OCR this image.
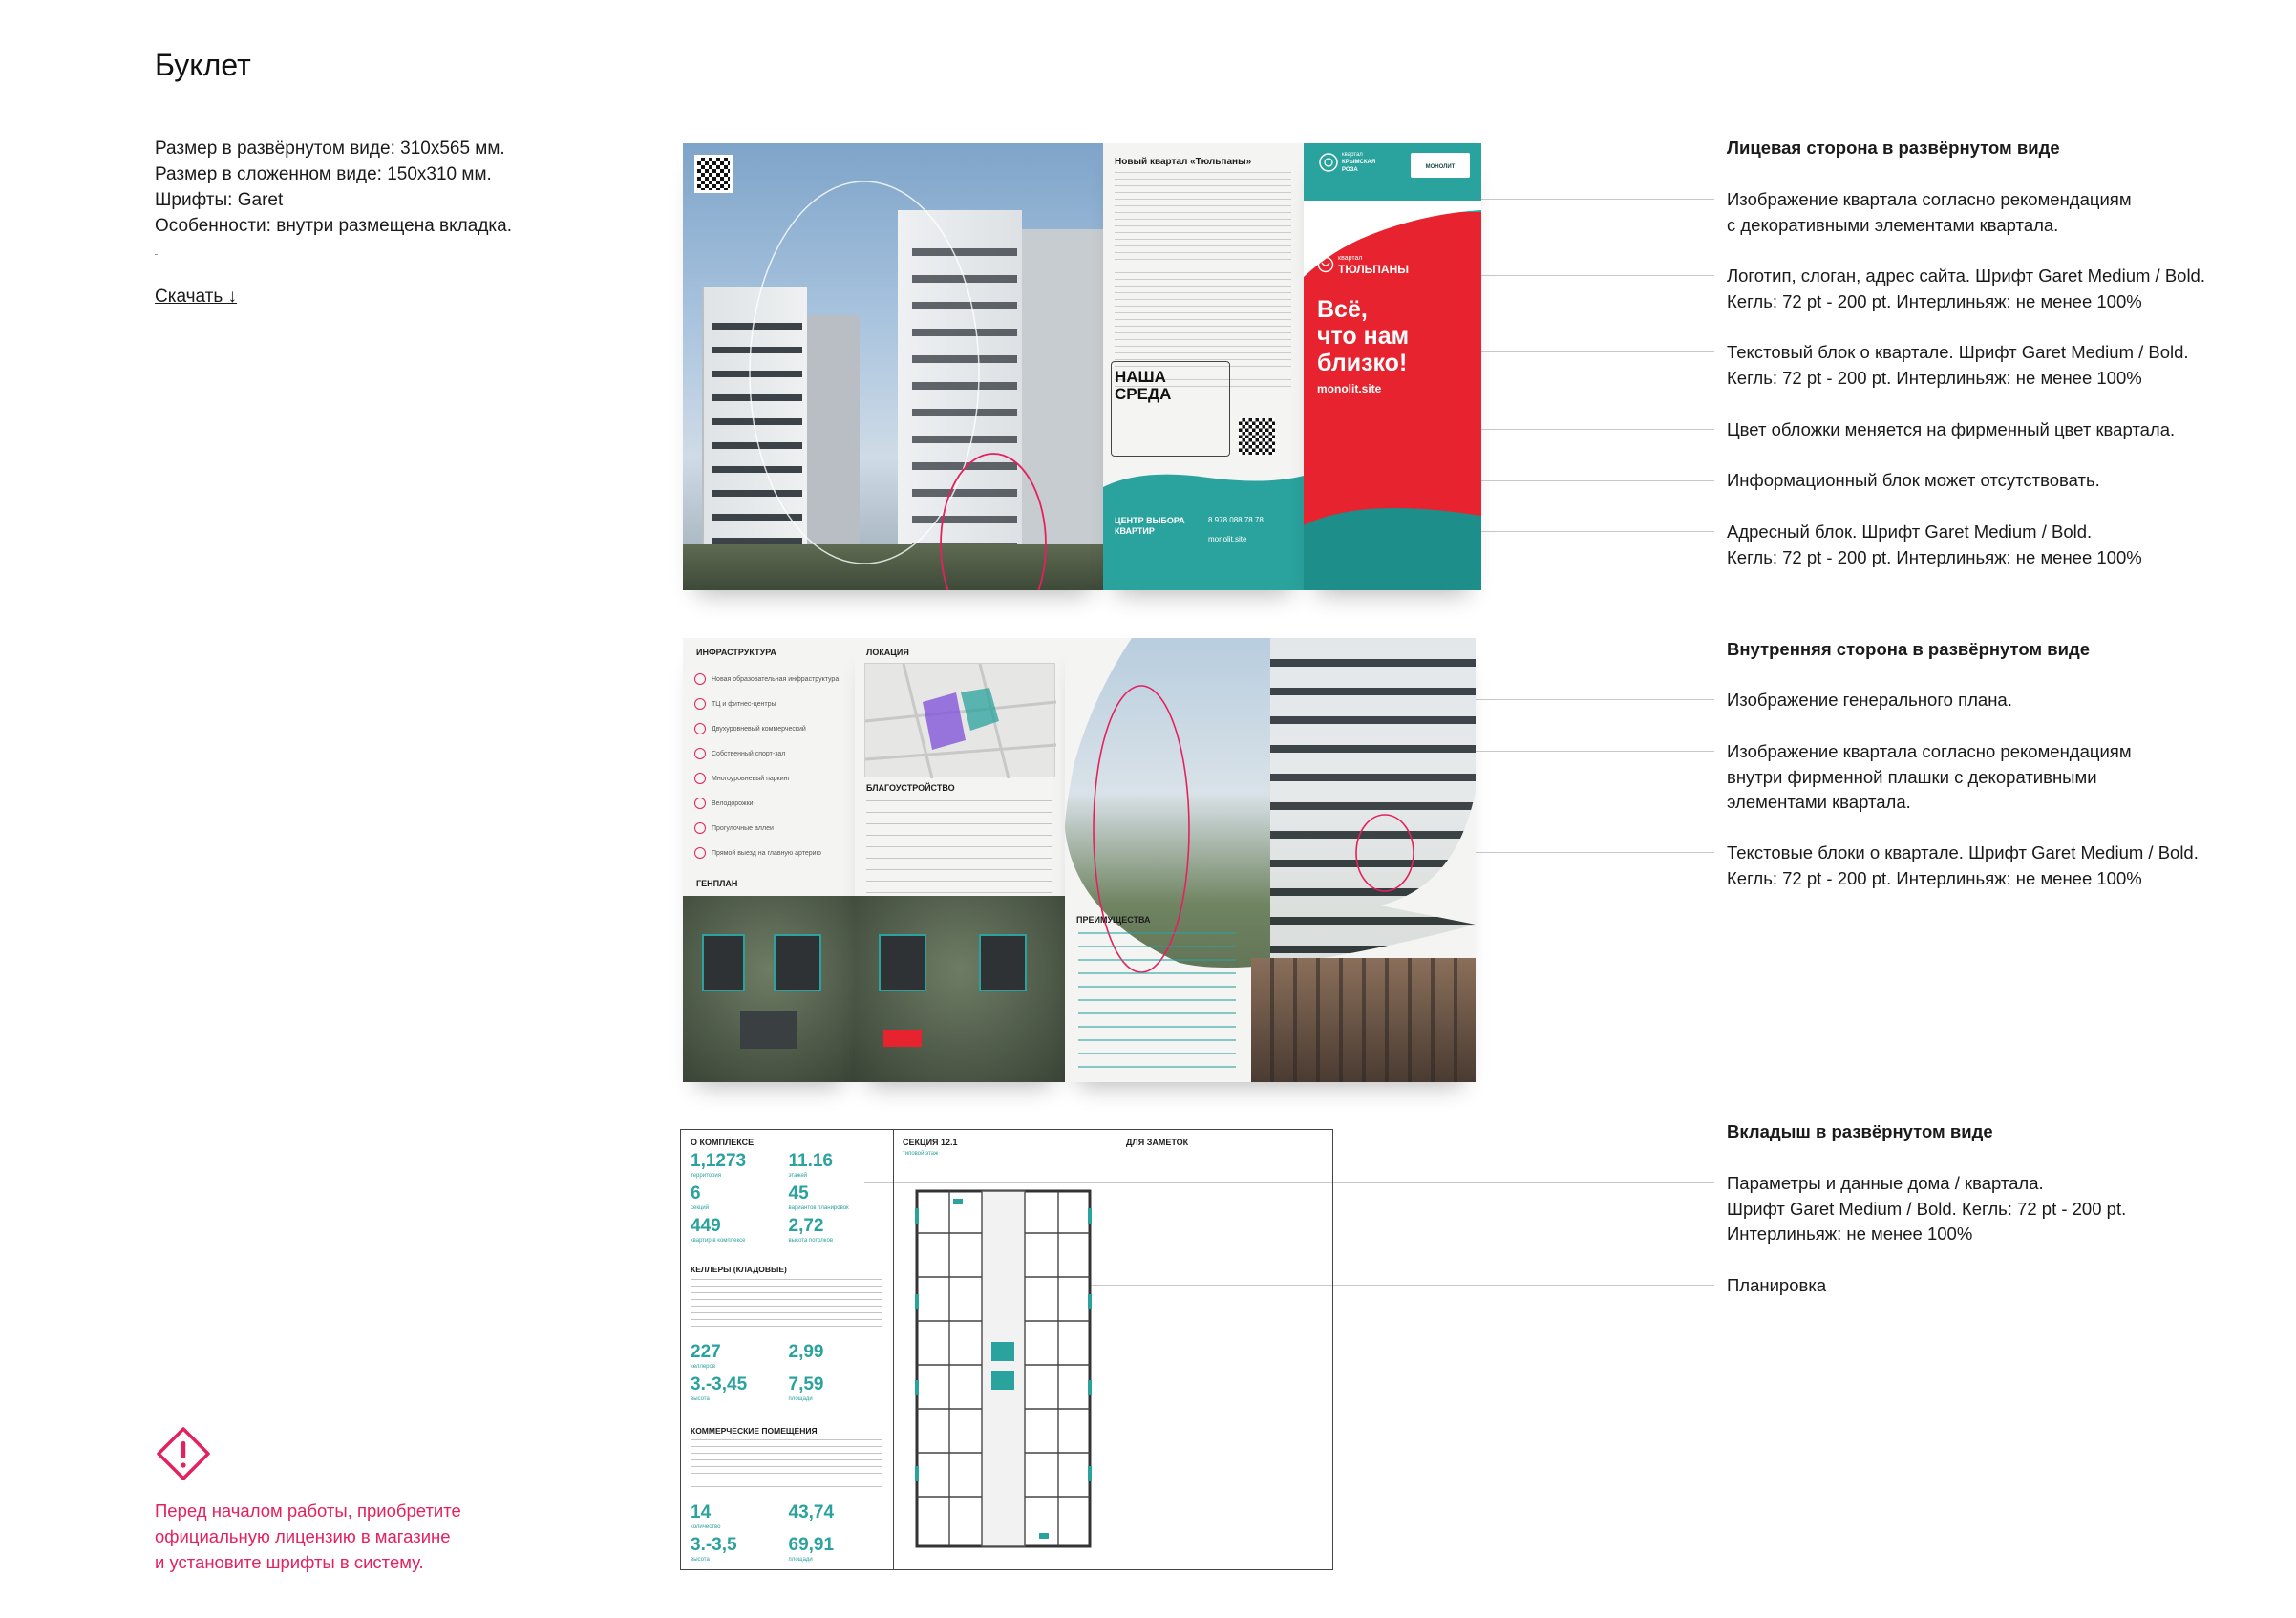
Буклет
Размер в развёрнутом виде: 310х565 мм.
Размер в сложенном виде: 150х310 мм.
Шрифты: Garet
Особенности: внутри размещена вкладка.
Скачать ↓
Перед началом работы, приобретите
официальную лицензию в магазине
и установите шрифты в систему.
Лицевая сторона в развёрнутом виде
Изображение квартала согласно рекомендациям
с декоративными элементами квартала.
Логотип, слоган, адрес сайта. Шрифт Garet Medium / Bold.
Кегль: 72 pt - 200 pt. Интерлиньяж: не менее 100%
Текстовый блок о квартале. Шрифт Garet Medium / Bold.
Кегль: 72 pt - 200 pt. Интерлиньяж: не менее 100%
Цвет обложки меняется на фирменный цвет квартала.
Информационный блок может отсутствовать.
Адресный блок. Шрифт Garet Medium / Bold.
Кегль: 72 pt - 200 pt. Интерлиньяж: не менее 100%
Внутренняя сторона в развёрнутом виде
Изображение генерального плана.
Изображение квартала согласно рекомендациям
внутри фирменной плашки с декоративными
элементами квартала.
Текстовые блоки о квартале. Шрифт Garet Medium / Bold.
Кегль: 72 pt - 200 pt. Интерлиньяж: не менее 100%
Вкладыш в развёрнутом виде
Параметры и данные дома / квартала.
Шрифт Garet Medium / Bold. Кегль: 72 pt - 200 pt.
Интерлиньяж: не менее 100%
Планировка
Новый квартал «Тюльпаны»
НАША
СРЕДА
ЦЕНТР ВЫБОРА
КВАРТИР
8 978 088 78 78
monolit.site
квартал
КРЫМСКАЯ
РОЗА	МОНОЛИТ
квартал
ТЮЛЬПАНЫ
Всё,
что нам
близко!
monolit.site
ИНФРАСТРУКТУРА
Новая образовательная инфраструктура
ТЦ и фитнес-центры
Двухуровневый коммерческий
Собственный спорт-зал
Многоуровневый паркинг
Велодорожки
Прогулочные аллеи
Прямой выезд на главную артерию
ГЕНПЛАН
ЛОКАЦИЯ
БЛАГОУСТРОЙСТВО
ПРЕИМУЩЕСТВА
О КОМПЛЕКСЕ
1,1273
территория
11.16
этажей
6
секций
45
вариантов планировок
449
квартир в комплексе
2,72
высота потолков
КЕЛЛЕРЫ (КЛАДОВЫЕ)
227
келлеров
2,99
3.-3,45
высота
7,59
площади
КОММЕРЧЕСКИЕ ПОМЕЩЕНИЯ
14
количество
43,74
3.-3,5
высота
69,91
площади
СЕКЦИЯ 12.1
типовой этаж
ДЛЯ ЗАМЕТОК
